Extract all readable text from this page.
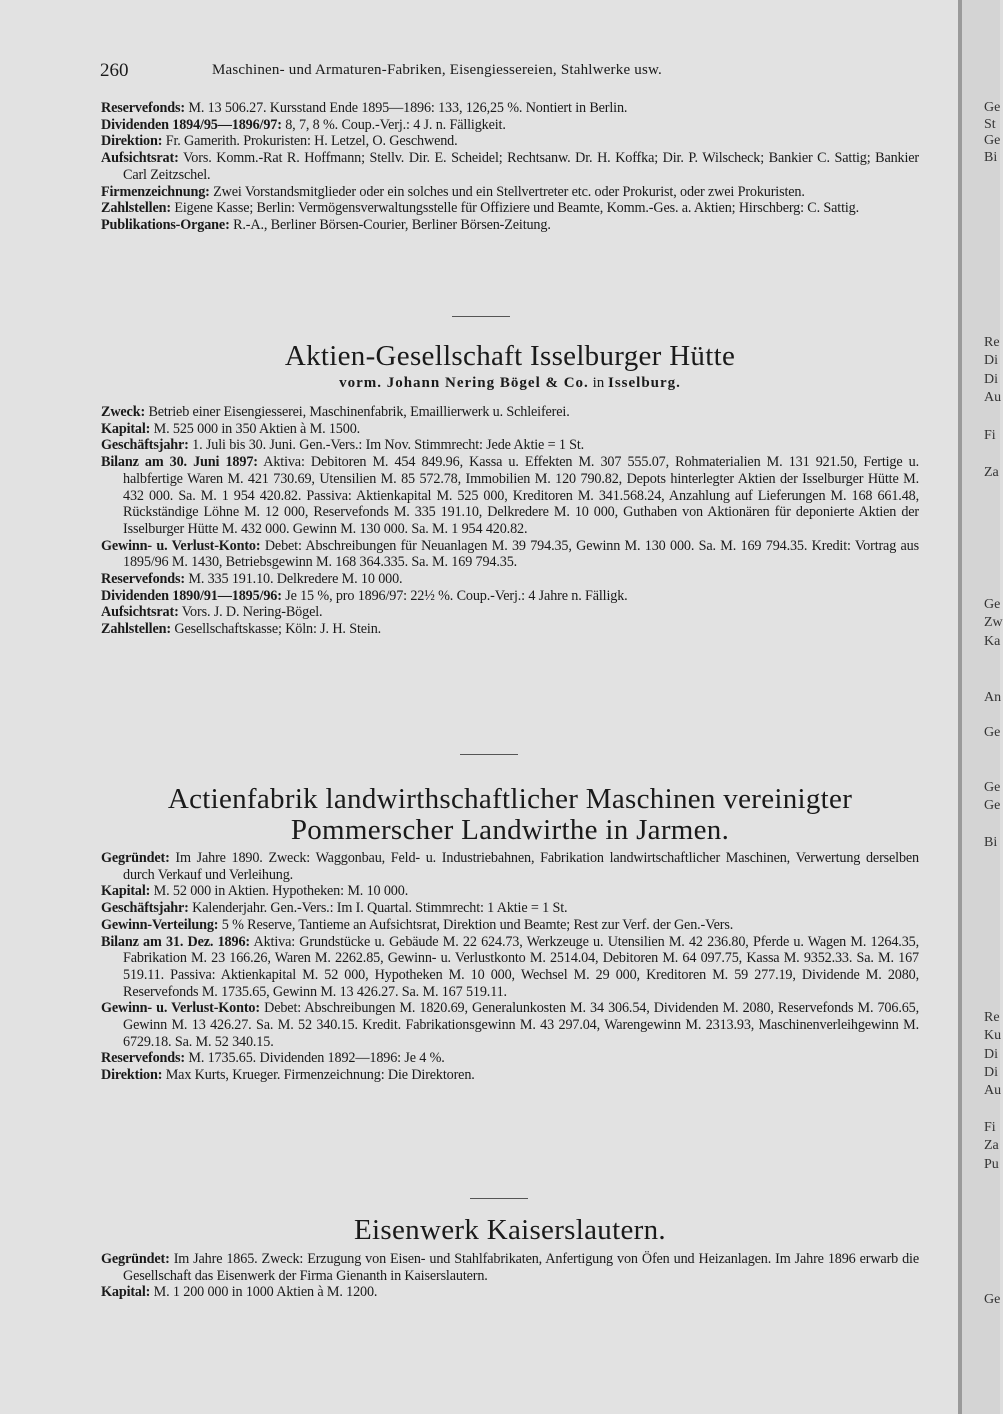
260	Maschinen- und Armaturen-Fabriken, Eisengiessereien, Stahlwerke usw.
Reservefonds: M. 13 506.27. Kursstand Ende 1895—1896: 133, 126,25 %. Nontiert in Berlin.
Dividenden 1894/95—1896/97: 8, 7, 8 %. Coup.-Verj.: 4 J. n. Fälligkeit.
Direktion: Fr. Gamerith. Prokuristen: H. Letzel, O. Geschwend.
Aufsichtsrat: Vors. Komm.-Rat R. Hoffmann; Stellv. Dir. E. Scheidel; Rechtsanw. Dr. H. Koffka; Dir. P. Wilscheck; Bankier C. Sattig; Bankier Carl Zeitzschel.
Firmenzeichnung: Zwei Vorstandsmitglieder oder ein solches und ein Stellvertreter etc. oder Prokurist, oder zwei Prokuristen.
Zahlstellen: Eigene Kasse; Berlin: Vermögensverwaltungsstelle für Offiziere und Beamte, Komm.-Ges. a. Aktien; Hirschberg: C. Sattig.
Publikations-Organe: R.-A., Berliner Börsen-Courier, Berliner Börsen-Zeitung.
Aktien-Gesellschaft Isselburger Hütte
vorm. Johann Nering Bögel & Co. in Isselburg.
Zweck: Betrieb einer Eisengiesserei, Maschinenfabrik, Emaillierwerk u. Schleiferei.
Kapital: M. 525 000 in 350 Aktien à M. 1500.
Geschäftsjahr: 1. Juli bis 30. Juni. Gen.-Vers.: Im Nov. Stimmrecht: Jede Aktie = 1 St.
Bilanz am 30. Juni 1897: Aktiva: Debitoren M. 454 849.96, Kassa u. Effekten M. 307 555.07, Rohmaterialien M. 131 921.50, Fertige u. halbfertige Waren M. 421 730.69, Utensilien M. 85 572.78, Immobilien M. 120 790.82, Depots hinterlegter Aktien der Isselburger Hütte M. 432 000. Sa. M. 1 954 420.82. Passiva: Aktienkapital M. 525 000, Kreditoren M. 341.568.24, Anzahlung auf Lieferungen M. 168 661.48, Rückständige Löhne M. 12 000, Reservefonds M. 335 191.10, Delkredere M. 10 000, Guthaben von Aktionären für deponierte Aktien der Isselburger Hütte M. 432 000. Gewinn M. 130 000. Sa. M. 1 954 420.82.
Gewinn- u. Verlust-Konto: Debet: Abschreibungen für Neuanlagen M. 39 794.35, Gewinn M. 130 000. Sa. M. 169 794.35. Kredit: Vortrag aus 1895/96 M. 1430, Betriebsgewinn M. 168 364.335. Sa. M. 169 794.35.
Reservefonds: M. 335 191.10. Delkredere M. 10 000.
Dividenden 1890/91—1895/96: Je 15 %, pro 1896/97: 22½ %. Coup.-Verj.: 4 Jahre n. Fälligk.
Aufsichtsrat: Vors. J. D. Nering-Bögel.
Zahlstellen: Gesellschaftskasse; Köln: J. H. Stein.
Actienfabrik landwirthschaftlicher Maschinen vereinigter
Pommerscher Landwirthe in Jarmen.
Gegründet: Im Jahre 1890. Zweck: Waggonbau, Feld- u. Industriebahnen, Fabrikation landwirtschaftlicher Maschinen, Verwertung derselben durch Verkauf und Verleihung.
Kapital: M. 52 000 in Aktien. Hypotheken: M. 10 000.
Geschäftsjahr: Kalenderjahr. Gen.-Vers.: Im I. Quartal. Stimmrecht: 1 Aktie = 1 St.
Gewinn-Verteilung: 5 % Reserve, Tantieme an Aufsichtsrat, Direktion und Beamte; Rest zur Verf. der Gen.-Vers.
Bilanz am 31. Dez. 1896: Aktiva: Grundstücke u. Gebäude M. 22 624.73, Werkzeuge u. Utensilien M. 42 236.80, Pferde u. Wagen M. 1264.35, Fabrikation M. 23 166.26, Waren M. 2262.85, Gewinn- u. Verlustkonto M. 2514.04, Debitoren M. 64 097.75, Kassa M. 9352.33. Sa. M. 167 519.11. Passiva: Aktienkapital M. 52 000, Hypotheken M. 10 000, Wechsel M. 29 000, Kreditoren M. 59 277.19, Dividende M. 2080, Reservefonds M. 1735.65, Gewinn M. 13 426.27. Sa. M. 167 519.11.
Gewinn- u. Verlust-Konto: Debet: Abschreibungen M. 1820.69, Generalunkosten M. 34 306.54, Dividenden M. 2080, Reservefonds M. 706.65, Gewinn M. 13 426.27. Sa. M. 52 340.15. Kredit. Fabrikationsgewinn M. 43 297.04, Warengewinn M. 2313.93, Maschinenverleihgewinn M. 6729.18. Sa. M. 52 340.15.
Reservefonds: M. 1735.65. Dividenden 1892—1896: Je 4 %.
Direktion: Max Kurts, Krueger. Firmenzeichnung: Die Direktoren.
Eisenwerk Kaiserslautern.
Gegründet: Im Jahre 1865. Zweck: Erzugung von Eisen- und Stahlfabrikaten, Anfertigung von Öfen und Heizanlagen. Im Jahre 1896 erwarb die Gesellschaft das Eisenwerk der Firma Gienanth in Kaiserslautern.
Kapital: M. 1 200 000 in 1000 Aktien à M. 1200.
Ge
St
Ge
Bi
Re
Di
Di
Au
Fi
Za
Ge
Zw
Ka
An
Ge
Ge
Ge
Bi
Re
Ku
Di
Di
Au
Fi
Za
Pu
Ge
